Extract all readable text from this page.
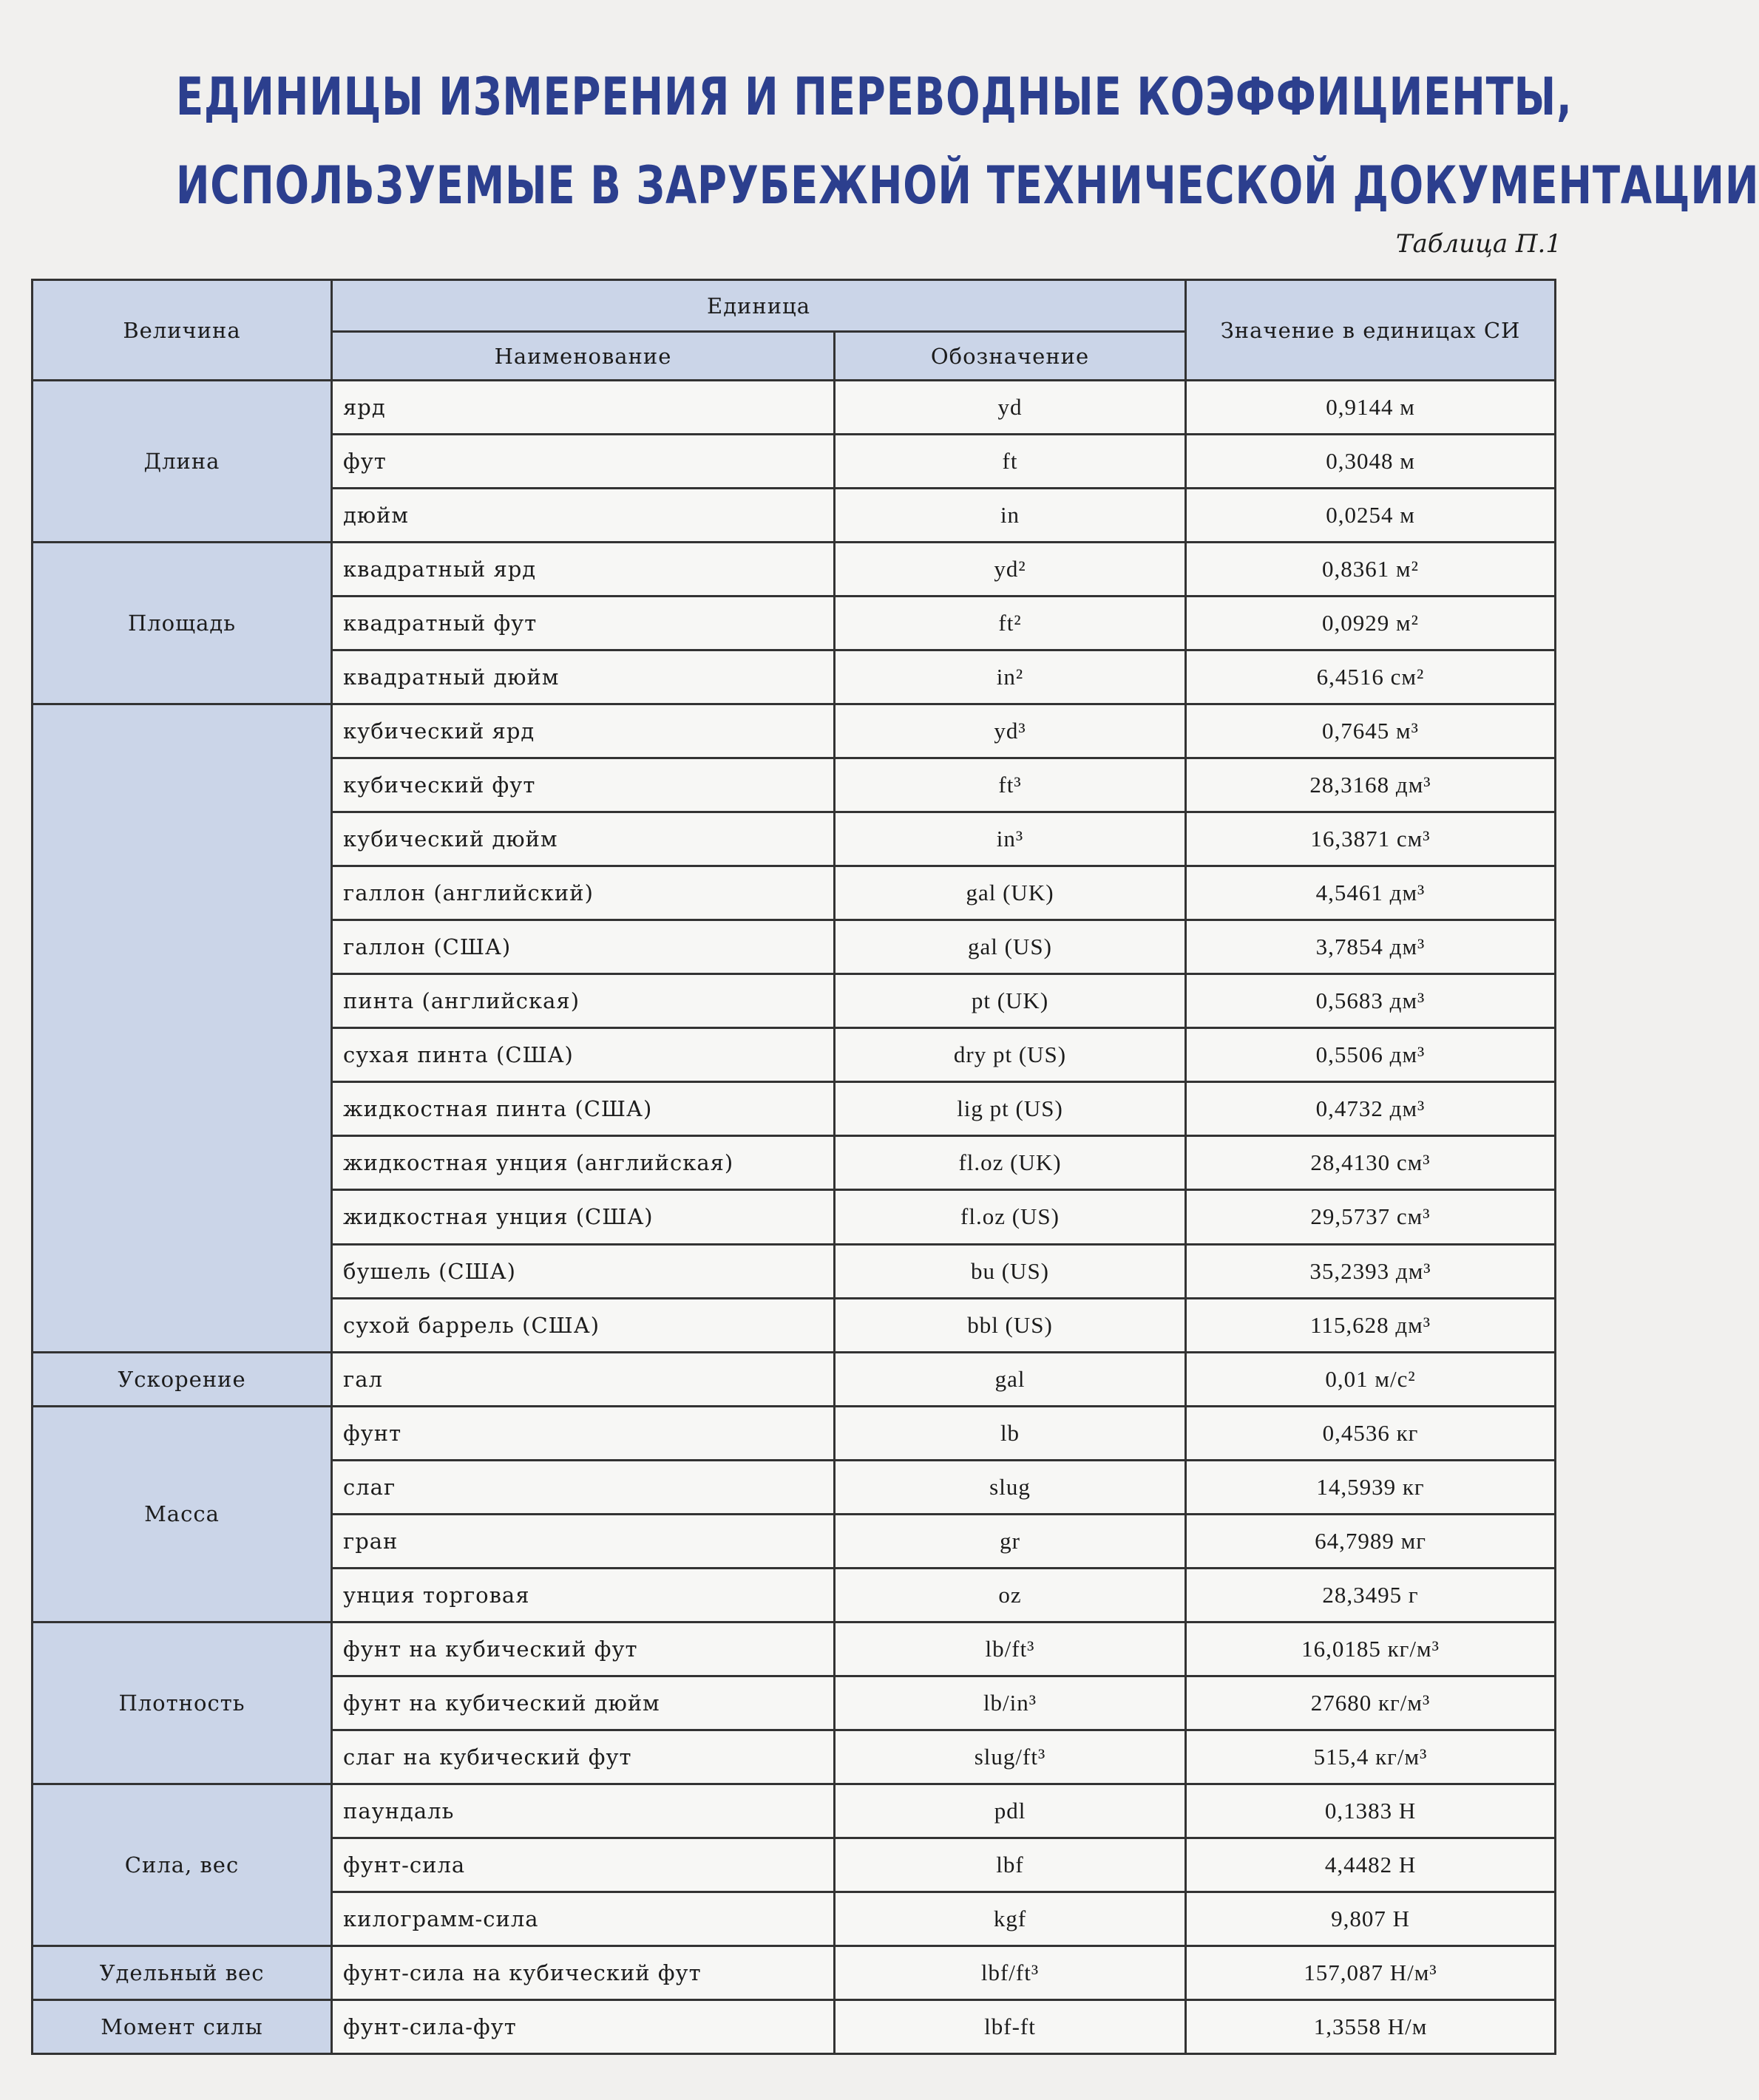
ЕДИНИЦЫ ИЗМЕРЕНИЯ И ПЕРЕВОДНЫЕ КОЭФФИЦИЕНТЫ,
ИСПОЛЬЗУЕМЫЕ В ЗАРУБЕЖНОЙ ТЕХНИЧЕСКОЙ ДОКУМЕНТАЦИИ
Таблица П.1
Величина	Единица		Значение в единицах СИ
	Наименование	Обозначение	
Длина	ярд	yd	0,9144 м
	фут	ft	0,3048 м
	дюйм	in	0,0254 м
Площадь	квадратный ярд	yd²	0,8361 м²
	квадратный фут	ft²	0,0929 м²
	квадратный дюйм	in²	6,4516 см²
	кубический ярд	yd³	0,7645 м³
	кубический фут	ft³	28,3168 дм³
	кубический дюйм	in³	16,3871 см³
	галлон (английский)	gal (UK)	4,5461 дм³
	галлон (США)	gal (US)	3,7854 дм³
	пинта (английская)	pt (UK)	0,5683 дм³
	сухая пинта (США)	dry pt (US)	0,5506 дм³
	жидкостная пинта (США)	lig pt (US)	0,4732 дм³
	жидкостная унция (английская)	fl.oz (UK)	28,4130 см³
	жидкостная унция (США)	fl.oz (US)	29,5737 см³
	бушель (США)	bu (US)	35,2393 дм³
	сухой баррель (США)	bbl (US)	115,628 дм³
Ускорение	гал	gal	0,01 м/с²
Масса	фунт	lb	0,4536 кг
	слаг	slug	14,5939 кг
	гран	gr	64,7989 мг
	унция торговая	oz	28,3495 г
Плотность	фунт на кубический фут	lb/ft³	16,0185 кг/м³
	фунт на кубический дюйм	lb/in³	27680 кг/м³
	слаг на кубический фут	slug/ft³	515,4 кг/м³
Сила, вес	паундаль	pdl	0,1383 Н
	фунт-сила	lbf	4,4482 Н
	килограмм-сила	kgf	9,807 Н
Удельный вес	фунт-сила на кубический фут	lbf/ft³	157,087 Н/м³
Момент силы	фунт-сила-фут	lbf-ft	1,3558 Н/м
